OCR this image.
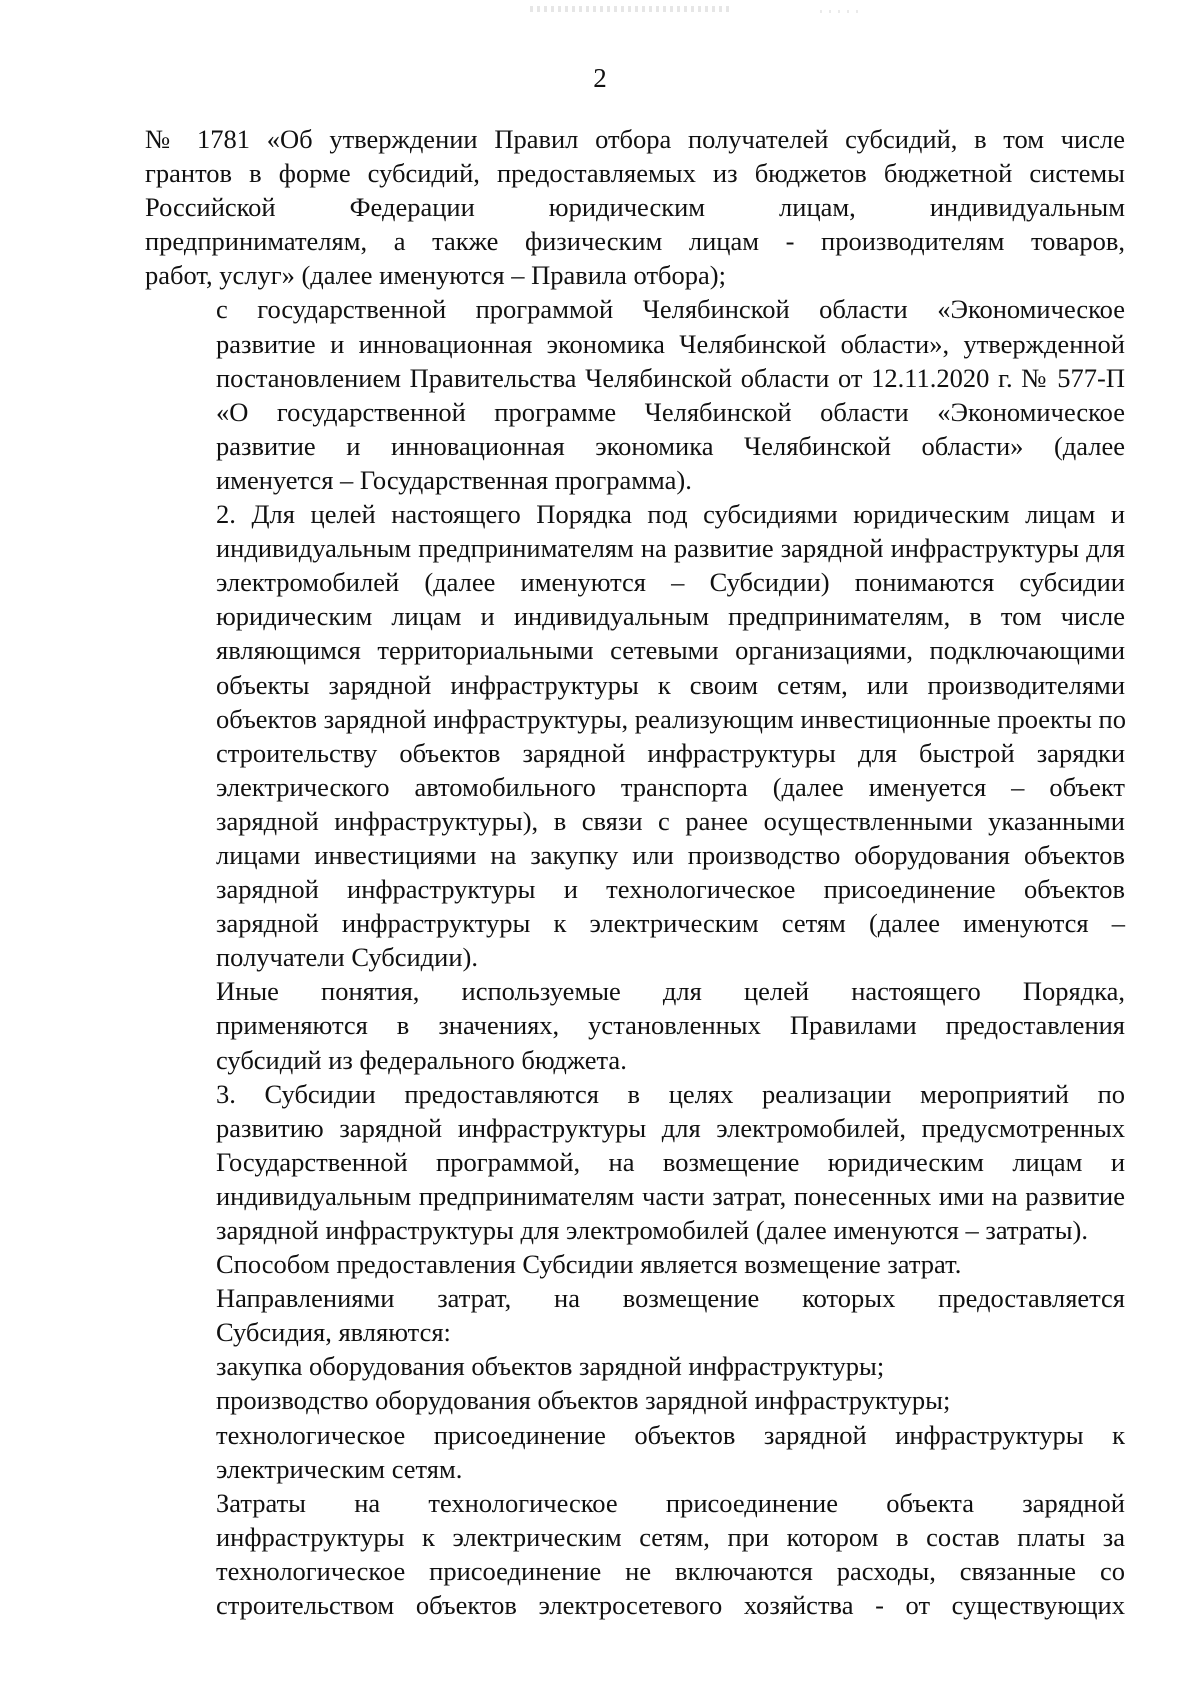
2

№ 1781 «Об утверждении Правил отбора получателей субсидий, в том числе
грантов в форме субсидий, предоставляемых из бюджетов бюджетной системы
Российской Федерации юридическим лицам, индивидуальным
предпринимателям, а также физическим лицам - производителям товаров,
работ, услуг» (далее именуются – Правила отбора);

с государственной программой Челябинской области «Экономическое
развитие и инновационная экономика Челябинской области», утвержденной
постановлением Правительства Челябинской области от 12.11.2020 г. № 577-П
«О государственной программе Челябинской области «Экономическое
развитие и инновационная экономика Челябинской области» (далее
именуется – Государственная программа).

2. Для целей настоящего Порядка под субсидиями юридическим лицам и
индивидуальным предпринимателям на развитие зарядной инфраструктуры для
электромобилей (далее именуются – Субсидии) понимаются субсидии
юридическим лицам и индивидуальным предпринимателям, в том числе
являющимся территориальными сетевыми организациями, подключающими
объекты зарядной инфраструктуры к своим сетям, или производителями
объектов зарядной инфраструктуры, реализующим инвестиционные проекты по
строительству объектов зарядной инфраструктуры для быстрой зарядки
электрического автомобильного транспорта (далее именуется – объект
зарядной инфраструктуры), в связи с ранее осуществленными указанными
лицами инвестициями на закупку или производство оборудования объектов
зарядной инфраструктуры и технологическое присоединение объектов
зарядной инфраструктуры к электрическим сетям (далее именуются –
получатели Субсидии).

Иные понятия, используемые для целей настоящего Порядка,
применяются в значениях, установленных Правилами предоставления
субсидий из федерального бюджета.

3. Субсидии предоставляются в целях реализации мероприятий по
развитию зарядной инфраструктуры для электромобилей, предусмотренных
Государственной программой, на возмещение юридическим лицам и
индивидуальным предпринимателям части затрат, понесенных ими на развитие
зарядной инфраструктуры для электромобилей (далее именуются – затраты).

Способом предоставления Субсидии является возмещение затрат.

Направлениями затрат, на возмещение которых предоставляется
Субсидия, являются:

закупка оборудования объектов зарядной инфраструктуры;

производство оборудования объектов зарядной инфраструктуры;

технологическое присоединение объектов зарядной инфраструктуры к
электрическим сетям.

Затраты на технологическое присоединение объекта зарядной
инфраструктуры к электрическим сетям, при котором в состав платы за
технологическое присоединение не включаются расходы, связанные со
строительством объектов электросетевого хозяйства - от существующих
